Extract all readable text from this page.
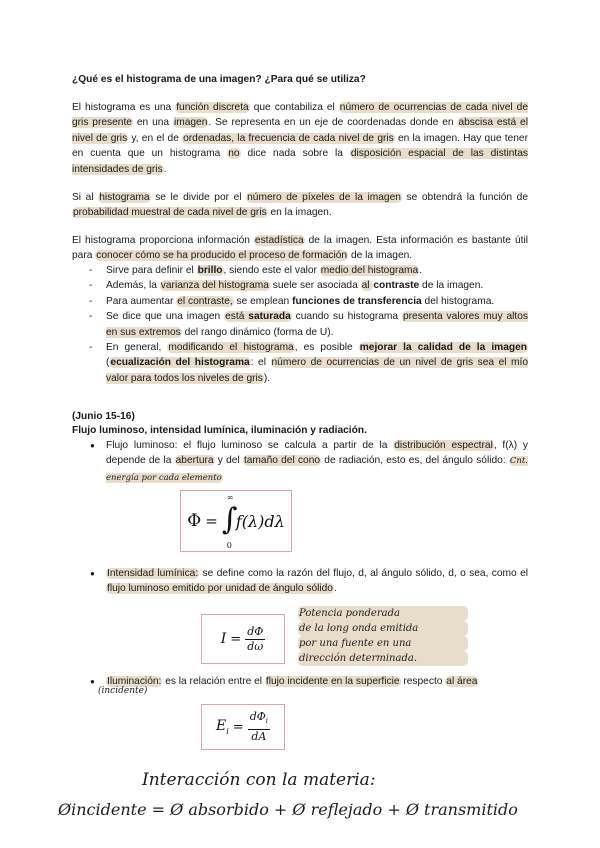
¿Qué es el histograma de una imagen? ¿Para qué se utiliza?

El histograma es una función discreta que contabiliza el número de ocurrencias de cada nivel de gris presente en una imagen. Se representa en un eje de coordenadas donde en abscisa está el nivel de gris y, en el de ordenadas, la frecuencia de cada nivel de gris en la imagen. Hay que tener en cuenta que un histograma no dice nada sobre la disposición espacial de las distintas intensidades de gris.

Si al histograma se le divide por el número de píxeles de la imagen se obtendrá la función de probabilidad muestral de cada nivel de gris en la imagen.

El histograma proporciona información estadística de la imagen. Esta información es bastante útil para conocer cómo se ha producido el proceso de formación de la imagen.

- Sirve para definir el brillo, siendo este el valor medio del histograma.
- Además, la varianza del histograma suele ser asociada al contraste de la imagen.
- Para aumentar el contraste, se emplean funciones de transferencia del histograma.
- Se dice que una imagen está saturada cuando su histograma presenta valores muy altos en sus extremos del rango dinámico (forma de U).
- En general, modificando el histograma, es posible mejorar la calidad de la imagen (ecualización del histograma: el número de ocurrencias de un nivel de gris sea el mío valor para todos los niveles de gris).
(Junio 15-16)
Flujo luminoso, intensidad lumínica, iluminación y radiación.
● Flujo luminoso: el flujo luminoso se calcula a partir de la distribución espectral, f(λ) y depende de la abertura y del tamaño del cono de radiación, esto es, del ángulo sólido: Cnt. energía por cada elemento
Φ = ∫
∞
0
f(λ)dλ
● Intensidad lumínica: se define como la razón del flujo, d, al ángulo sólido, d, o sea, como el flujo luminoso emitido por unidad de ángulo sólido.
$I = \frac{d\Phi}{d\omega}$
Potencia ponderada
de la long onda emitida
por una fuente en una
dirección determinada.
● Iluminación: es la relación entre el flujo incidente en la superficie respecto al área
(incidente)
$E_i = \frac{d\Phi_i}{dA}$
Interacción con la materia:
Øincidente = Ø absorbido + Ø reflejado + Ø transmitido
